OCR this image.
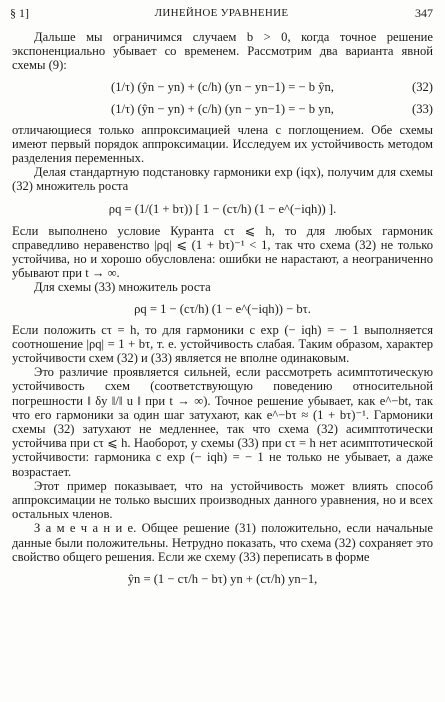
§ 1]	ЛИНЕЙНОЕ УРАВНЕНИЕ	347

Дальше мы ограничимся случаем b > 0, когда точное решение экспоненциально убывает со временем. Рассмотрим два варианта явной схемы (9):

(1/τ) (ŷn − yn) + (c/h) (yn − yn−1) = − b ŷn,	(32)
(1/τ) (ŷn − yn) + (c/h) (yn − yn−1) = − b yn,	(33)

отличающиеся только аппроксимацией члена с поглощением. Обе схемы имеют первый порядок аппроксимации. Исследуем их устойчивость методом разделения переменных.

Делая стандартную подстановку гармоники exp (iqx), получим для схемы (32) множитель роста

ρq = (1/(1 + bτ)) [ 1 − (cτ/h) (1 − e^(−iqh)) ].

Если выполнено условие Куранта cτ ⩽ h, то для любых гармоник справедливо неравенство |ρq| ⩽ (1 + bτ)⁻¹ < 1, так что схема (32) не только устойчива, но и хорошо обусловлена: ошибки не нарастают, а неограниченно убывают при t → ∞.

Для схемы (33) множитель роста

ρq = 1 − (cτ/h) (1 − e^(−iqh)) − bτ.

Если положить cτ = h, то для гармоники с exp (− iqh) = − 1 выполняется соотношение |ρq| = 1 + bτ, т. е. устойчивость слабая. Таким образом, характер устойчивости схем (32) и (33) является не вполне одинаковым.

Это различие проявляется сильней, если рассмотреть асимптотическую устойчивость схем (соответствующую поведению относительной погрешности ‖ δy ‖/‖ u ‖ при t → ∞). Точное решение убывает, как e^−bt, так что его гармоники за один шаг затухают, как e^−bτ ≈ (1 + bτ)⁻¹. Гармоники схемы (32) затухают не медленнее, так что схема (32) асимптотически устойчива при cτ ⩽ h. Наоборот, у схемы (33) при cτ = h нет асимптотической устойчивости: гармоника с exp (− iqh) = − 1 не только не убывает, а даже возрастает.

Этот пример показывает, что на устойчивость может влиять способ аппроксимации не только высших производных данного уравнения, но и всех остальных членов.

З а м е ч а н и е. Общее решение (31) положительно, если начальные данные были положительны. Нетрудно показать, что схема (32) сохраняет это свойство общего решения. Если же схему (33) переписать в форме

ŷn = (1 − cτ/h − bτ) yn + (cτ/h) yn−1,
